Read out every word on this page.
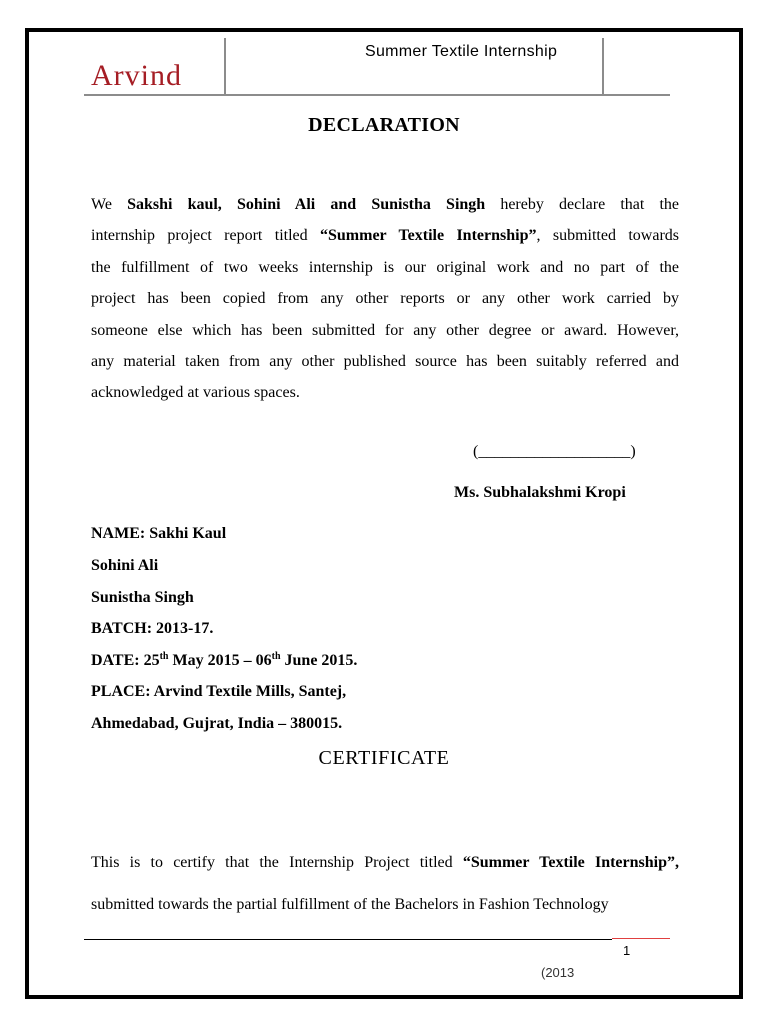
Arvind
Summer Textile Internship
DECLARATION
We Sakshi kaul, Sohini Ali and Sunistha Singh hereby declare that the
internship project report titled “Summer Textile Internship”, submitted towards
the fulfillment of two weeks internship is our original work and no part of the
project has been copied from any other reports or any other work carried by
someone else which has been submitted for any other degree or award. However,
any material taken from any other published source has been suitably referred and
acknowledged at various spaces.
(___________________)
Ms. Subhalakshmi Kropi
NAME: Sakhi Kaul
Sohini Ali
Sunistha Singh
BATCH: 2013-17.
DATE: 25th May 2015 – 06th June 2015.
PLACE: Arvind Textile Mills, Santej,
Ahmedabad, Gujrat, India – 380015.
CERTIFICATE
This is to certify that the Internship Project titled “Summer Textile Internship”,
submitted towards the partial fulfillment of the Bachelors in Fashion Technology
1
(2013
